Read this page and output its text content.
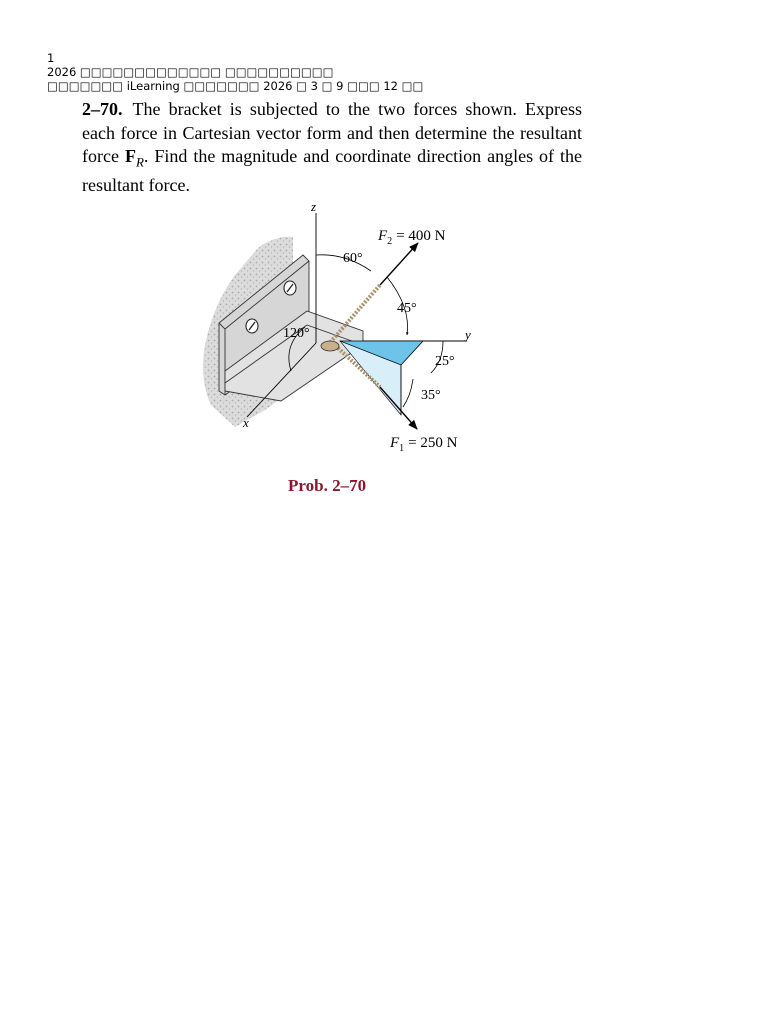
1
2026 □□□□□□□□□□□□□ □□□□□□□□□□
□□□□□□□ iLearning □□□□□□□ 2026 □ 3 □ 9 □□□ 12 □□
2–70. The bracket is subjected to the two forces shown. Express each force in Cartesian vector form and then determine the resultant force $F_R$. Find the magnitude and coordinate direction angles of the resultant force.
z
y
x
$F_2 = 400$ N
$F_1 = 250$ N
60°
45°
120°
25°
35°
Prob. 2–70
